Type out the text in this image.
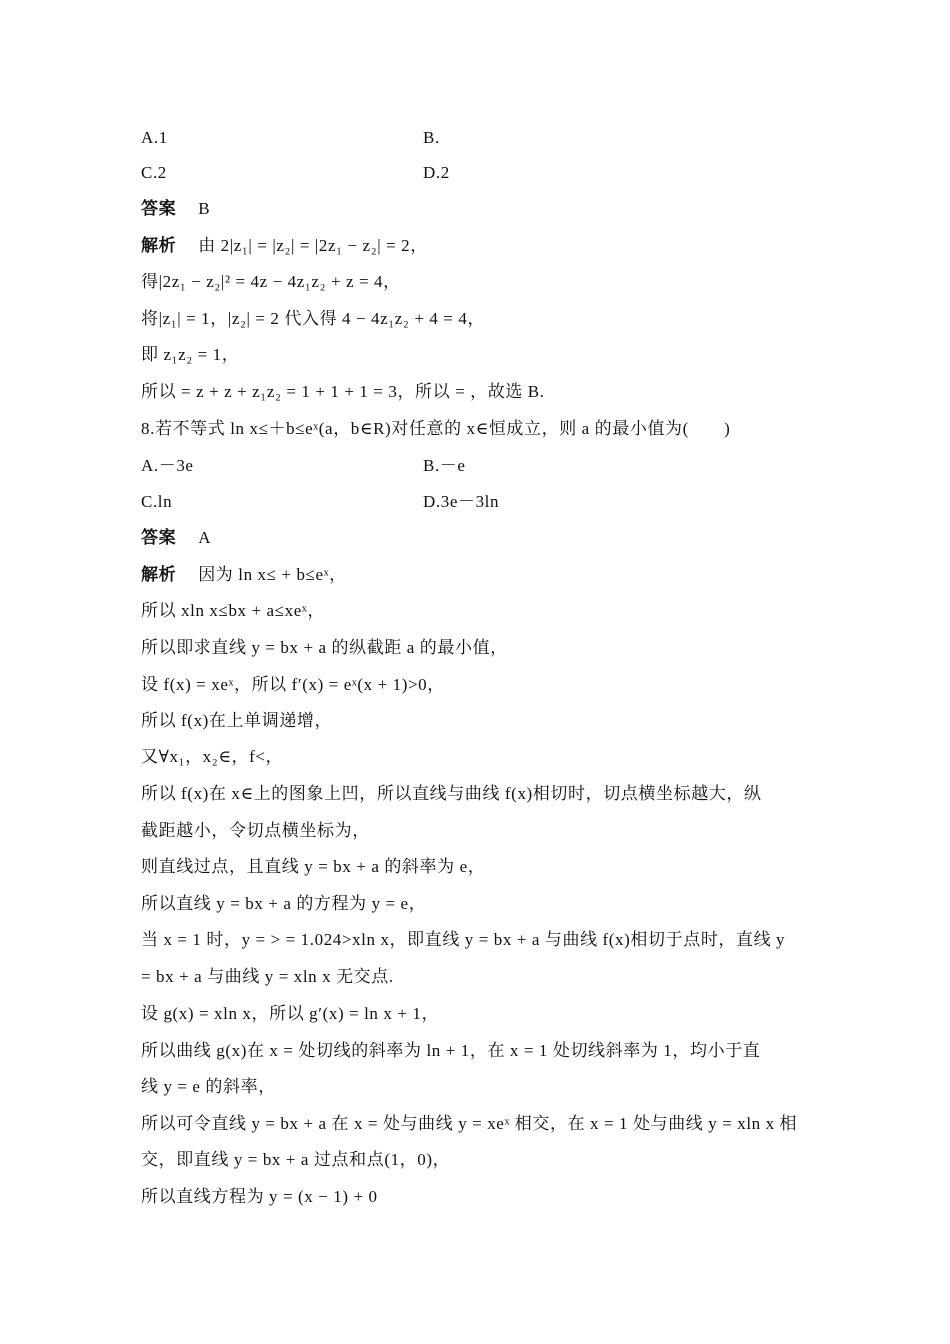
A.1	B.
C.2	D.2
答案 B
解析 由 2|z₁| = |z₂| = |2z₁ − z₂| = 2，
得|2z₁ − z₂|² = 4z − 4z₁z₂ + z = 4，
将|z₁| = 1，|z₂| = 2 代入得 4 − 4z₁z₂ + 4 = 4，
即 z₁z₂ = 1，
所以 = z + z + z₁z₂ = 1 + 1 + 1 = 3，所以 = ，故选 B.
8.若不等式 ln x≤＋b≤eˣ(a，b∈R)对任意的 x∈恒成立，则 a 的最小值为(　　)
A.－3e	B.－e
C.ln	D.3e－3ln
答案 A
解析 因为 ln x≤ + b≤eˣ，
所以 xln x≤bx + a≤xeˣ，
所以即求直线 y = bx + a 的纵截距 a 的最小值，
设 f(x) = xeˣ，所以 f′(x) = eˣ(x + 1)>0，
所以 f(x)在上单调递增，
又∀x₁，x₂∈，f<，
所以 f(x)在 x∈上的图象上凹，所以直线与曲线 f(x)相切时，切点横坐标越大，纵
截距越小，令切点横坐标为，
则直线过点，且直线 y = bx + a 的斜率为 e，
所以直线 y = bx + a 的方程为 y = e，
当 x = 1 时，y = > = 1.024>xln x，即直线 y = bx + a 与曲线 f(x)相切于点时，直线 y
= bx + a 与曲线 y = xln x 无交点.
设 g(x) = xln x，所以 g′(x) = ln x + 1，
所以曲线 g(x)在 x = 处切线的斜率为 ln + 1，在 x = 1 处切线斜率为 1，均小于直
线 y = e 的斜率，
所以可令直线 y = bx + a 在 x = 处与曲线 y = xeˣ 相交，在 x = 1 处与曲线 y = xln x 相
交，即直线 y = bx + a 过点和点(1，0)，
所以直线方程为 y = (x − 1) + 0
